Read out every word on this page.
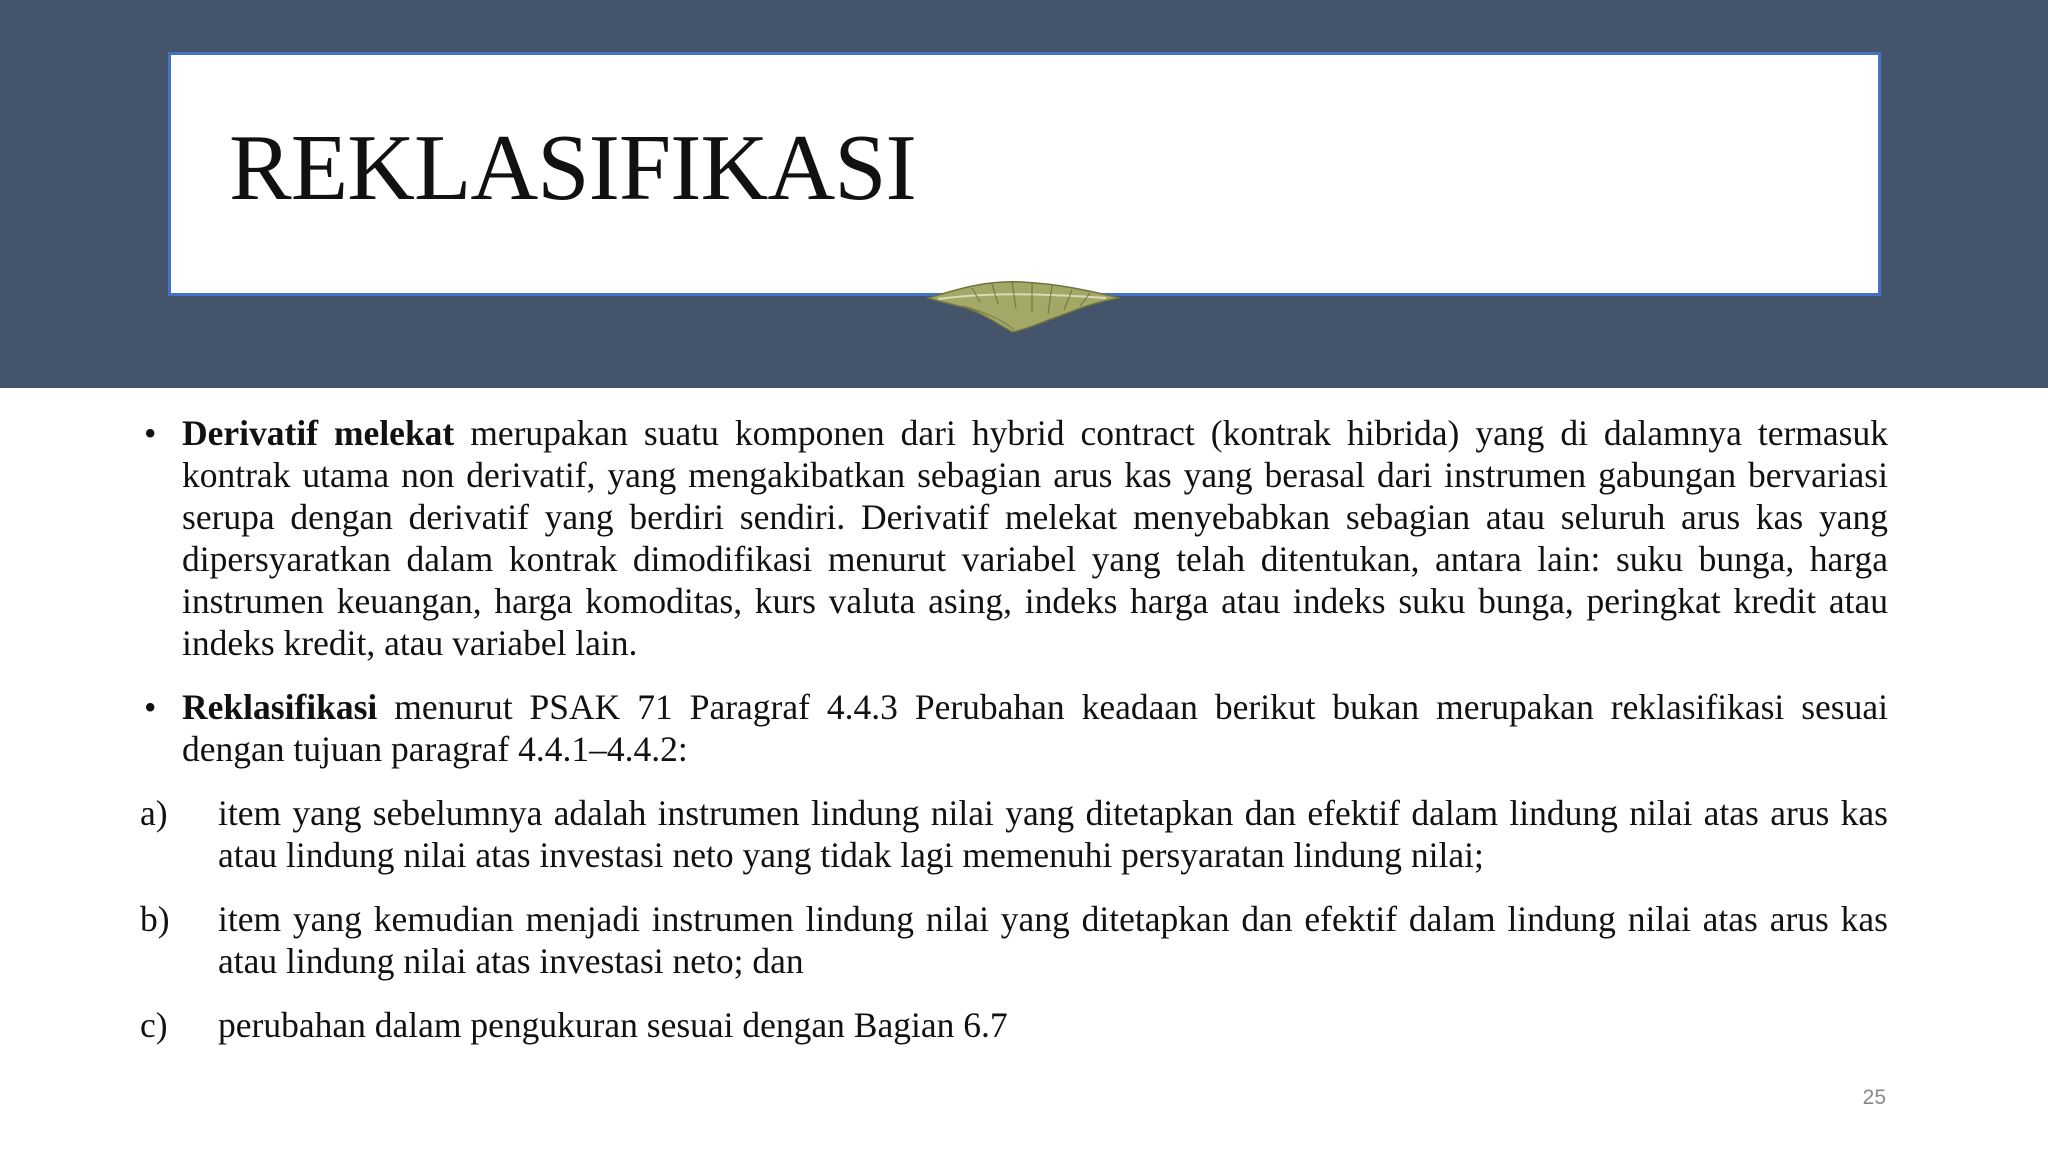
REKLASIFIKASI
• Derivatif melekat merupakan suatu komponen dari hybrid contract (kontrak hibrida) yang di dalamnya termasuk kontrak utama non derivatif, yang mengakibatkan sebagian arus kas yang berasal dari instrumen gabungan bervariasi serupa dengan derivatif yang berdiri sendiri. Derivatif melekat menyebabkan sebagian atau seluruh arus kas yang dipersyaratkan dalam kontrak dimodifikasi menurut variabel yang telah ditentukan, antara lain: suku bunga, harga instrumen keuangan, harga komoditas, kurs valuta asing, indeks harga atau indeks suku bunga, peringkat kredit atau indeks kredit, atau variabel lain.
• Reklasifikasi menurut PSAK 71 Paragraf 4.4.3 Perubahan keadaan berikut bukan merupakan reklasifikasi sesuai dengan tujuan paragraf 4.4.1–4.4.2:
a)	item yang sebelumnya adalah instrumen lindung nilai yang ditetapkan dan efektif dalam lindung nilai atas arus kas atau lindung nilai atas investasi neto yang tidak lagi memenuhi persyaratan lindung nilai;
b)	item yang kemudian menjadi instrumen lindung nilai yang ditetapkan dan efektif dalam lindung nilai atas arus kas atau lindung nilai atas investasi neto; dan
c)	perubahan dalam pengukuran sesuai dengan Bagian 6.7
25
